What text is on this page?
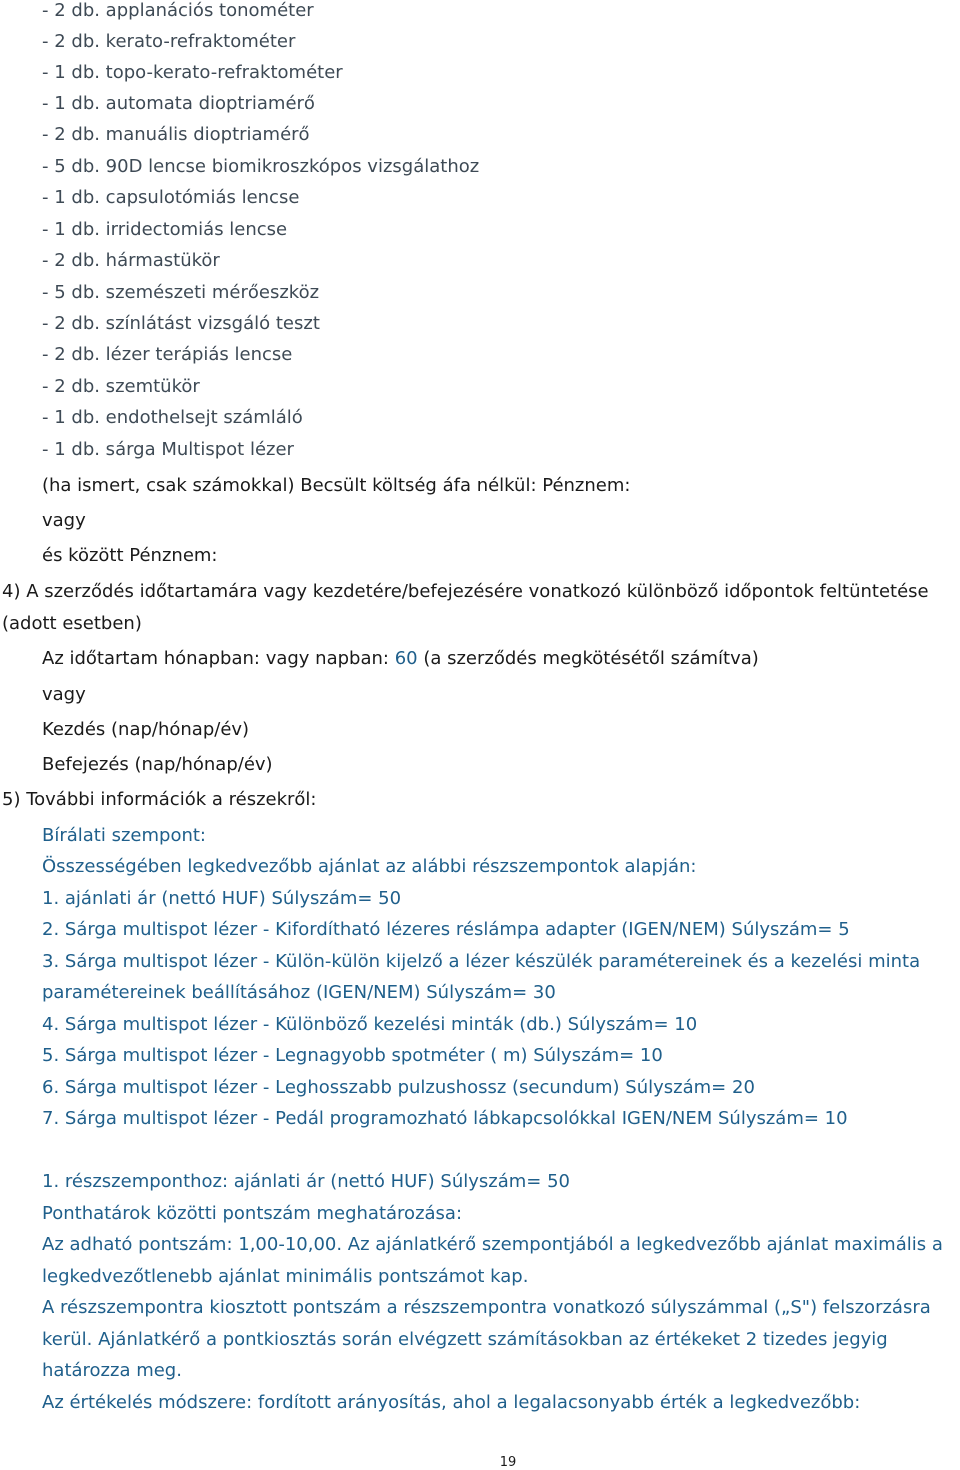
- 2 db. applanációs tonométer
- 2 db. kerato-refraktométer
- 1 db. topo-kerato-refraktométer
- 1 db. automata dioptriamérő
- 2 db. manuális dioptriamérő
- 5 db. 90D lencse biomikroszkópos vizsgálathoz
- 1 db. capsulotómiás lencse
- 1 db. irridectomiás lencse
- 2 db. hármastükör
- 5 db. szemészeti mérőeszköz
- 2 db. színlátást vizsgáló teszt
- 2 db. lézer terápiás lencse
- 2 db. szemtükör
- 1 db. endothelsejt számláló
- 1 db. sárga Multispot lézer
(ha ismert, csak számokkal) Becsült költség áfa nélkül: Pénznem:
vagy
és között Pénznem:
4) A szerződés időtartamára vagy kezdetére/befejezésére vonatkozó különböző időpontok feltüntetése
(adott esetben)
Az időtartam hónapban: vagy napban: 60 (a szerződés megkötésétől számítva)
vagy
Kezdés (nap/hónap/év)
Befejezés (nap/hónap/év)
5) További információk a részekről:
Bírálati szempont:
Összességében legkedvezőbb ajánlat az alábbi részszempontok alapján:
1. ajánlati ár (nettó HUF) Súlyszám= 50
2. Sárga multispot lézer - Kifordítható lézeres réslámpa adapter (IGEN/NEM) Súlyszám= 5
3. Sárga multispot lézer - Külön-külön kijelző a lézer készülék paramétereinek és a kezelési minta
paramétereinek beállításához (IGEN/NEM) Súlyszám= 30
4. Sárga multispot lézer - Különböző kezelési minták (db.) Súlyszám= 10
5. Sárga multispot lézer - Legnagyobb spotméter ( m) Súlyszám= 10
6. Sárga multispot lézer - Leghosszabb pulzushossz (secundum) Súlyszám= 20
7. Sárga multispot lézer - Pedál programozható lábkapcsolókkal IGEN/NEM Súlyszám= 10
1. részszemponthoz: ajánlati ár (nettó HUF) Súlyszám= 50
Ponthatárok közötti pontszám meghatározása:
Az adható pontszám: 1,00-10,00. Az ajánlatkérő szempontjából a legkedvezőbb ajánlat maximális a
legkedvezőtlenebb ajánlat minimális pontszámot kap.
A részszempontra kiosztott pontszám a részszempontra vonatkozó súlyszámmal („S") felszorzásra
kerül. Ajánlatkérő a pontkiosztás során elvégzett számításokban az értékeket 2 tizedes jegyig
határozza meg.
Az értékelés módszere: fordított arányosítás, ahol a legalacsonyabb érték a legkedvezőbb:
19
